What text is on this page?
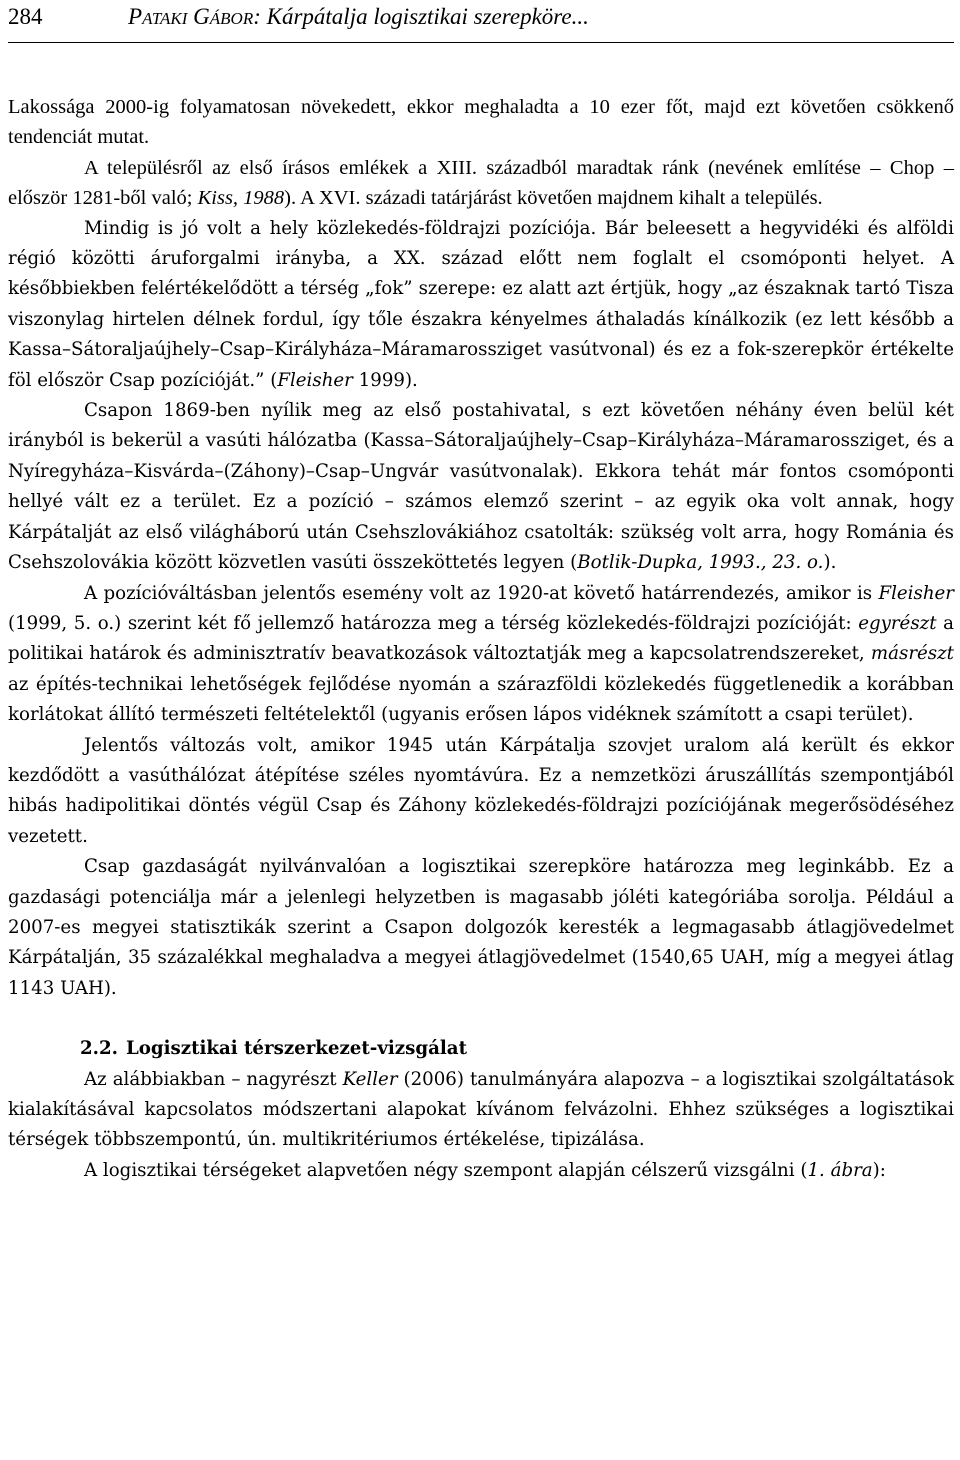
284	PATAKI GÁBOR: Kárpátalja logisztikai szerepköre...

Lakossága 2000-ig folyamatosan növekedett, ekkor meghaladta a 10 ezer főt, majd ezt követően csökkenő tendenciát mutat.

A településről az első írásos emlékek a XIII. századból maradtak ránk (nevének említése – Chop – először 1281-ből való; Kiss, 1988). A XVI. századi tatárjárást követően majdnem kihalt a település.

Mindig is jó volt a hely közlekedés-földrajzi pozíciója. Bár beleesett a hegyvidéki és alföldi régió közötti áruforgalmi irányba, a XX. század előtt nem foglalt el csomóponti helyet. A későbbiekben felértékelődött a térség „fok” szerepe: ez alatt azt értjük, hogy „az északnak tartó Tisza viszonylag hirtelen délnek fordul, így tőle északra kényelmes áthaladás kínálkozik (ez lett később a Kassa–Sátoraljaújhely–Csap–Királyháza–Máramarossziget vasútvonal) és ez a fok-szerepkör értékelte föl először Csap pozícióját.” (Fleisher 1999).

Csapon 1869-ben nyílik meg az első postahivatal, s ezt követően néhány éven belül két irányból is bekerül a vasúti hálózatba (Kassa–Sátoraljaújhely–Csap–Királyháza–Máramarossziget, és a Nyíregyháza–Kisvárda–(Záhony)–Csap–Ungvár vasútvonalak). Ekkora tehát már fontos csomóponti hellyé vált ez a terület. Ez a pozíció – számos elemző szerint – az egyik oka volt annak, hogy Kárpátalját az első világháború után Csehszlovákiához csatolták: szükség volt arra, hogy Románia és Csehszolovákia között közvetlen vasúti összeköttetés legyen (Botlik-Dupka, 1993., 23. o.).

A pozícióváltásban jelentős esemény volt az 1920-at követő határrendezés, amikor is Fleisher (1999, 5. o.) szerint két fő jellemző határozza meg a térség közlekedés-földrajzi pozícióját: egyrészt a politikai határok és adminisztratív beavatkozások változtatják meg a kapcsolatrendszereket, másrészt az építés-technikai lehetőségek fejlődése nyomán a szárazföldi közlekedés függetlenedik a korábban korlátokat állító természeti feltételektől (ugyanis erősen lápos vidéknek számított a csapi terület).

Jelentős változás volt, amikor 1945 után Kárpátalja szovjet uralom alá került és ekkor kezdődött a vasúthálózat átépítése széles nyomtávúra. Ez a nemzetközi áruszállítás szempontjából hibás hadipolitikai döntés végül Csap és Záhony közlekedés-földrajzi pozíciójának megerősödéséhez vezetett.

Csap gazdaságát nyilvánvalóan a logisztikai szerepköre határozza meg leginkább. Ez a gazdasági potenciálja már a jelenlegi helyzetben is magasabb jóléti kategóriába sorolja. Például a 2007-es megyei statisztikák szerint a Csapon dolgozók keresték a legmagasabb átlagjövedelmet Kárpátalján, 35 százalékkal meghaladva a megyei átlagjövedelmet (1540,65 UAH, míg a megyei átlag 1143 UAH).

2.2. Logisztikai térszerkezet-vizsgálat

Az alábbiakban – nagyrészt Keller (2006) tanulmányára alapozva – a logisztikai szolgáltatások kialakításával kapcsolatos módszertani alapokat kívánom felvázolni. Ehhez szükséges a logisztikai térségek többszempontú, ún. multikritériumos értékelése, tipizálása.

A logisztikai térségeket alapvetően négy szempont alapján célszerű vizsgálni (1. ábra):
